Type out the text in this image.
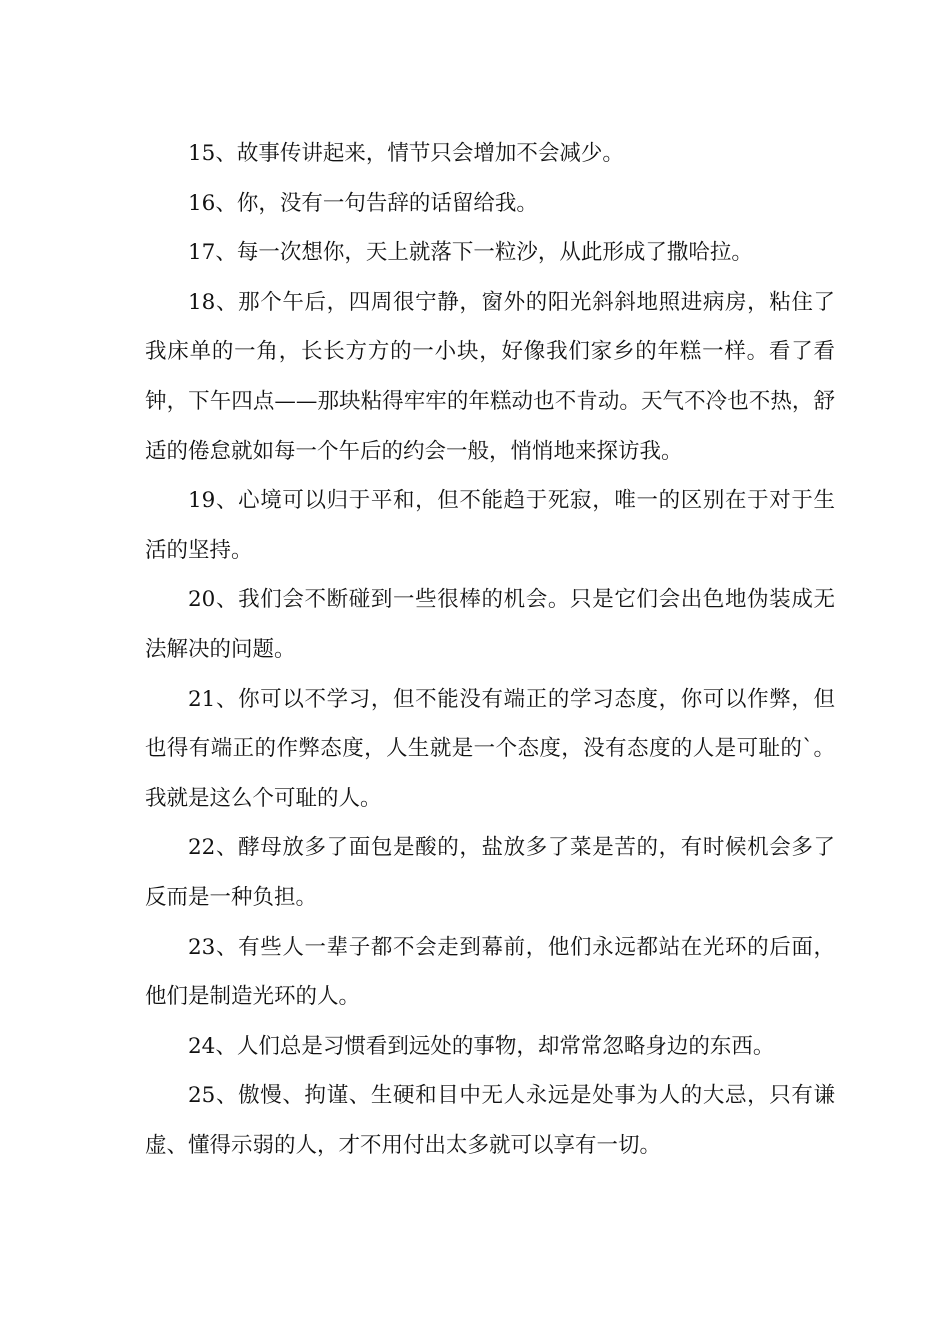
15、故事传讲起来，情节只会增加不会减少。

16、你，没有一句告辞的话留给我。

17、每一次想你，天上就落下一粒沙，从此形成了撒哈拉。

18、那个午后，四周很宁静，窗外的阳光斜斜地照进病房，粘住了我床单的一角，长长方方的一小块，好像我们家乡的年糕一样。看了看钟，下午四点——那块粘得牢牢的年糕动也不肯动。天气不冷也不热，舒适的倦怠就如每一个午后的约会一般，悄悄地来探访我。

19、心境可以归于平和，但不能趋于死寂，唯一的区别在于对于生活的坚持。

20、我们会不断碰到一些很棒的机会。只是它们会出色地伪装成无法解决的问题。

21、你可以不学习，但不能没有端正的学习态度，你可以作弊，但也得有端正的作弊态度，人生就是一个态度，没有态度的人是可耻的`。我就是这么个可耻的人。

22、酵母放多了面包是酸的，盐放多了菜是苦的，有时候机会多了反而是一种负担。

23、有些人一辈子都不会走到幕前，他们永远都站在光环的后面，他们是制造光环的人。

24、人们总是习惯看到远处的事物，却常常忽略身边的东西。

25、傲慢、拘谨、生硬和目中无人永远是处事为人的大忌，只有谦虚、懂得示弱的人，才不用付出太多就可以享有一切。
